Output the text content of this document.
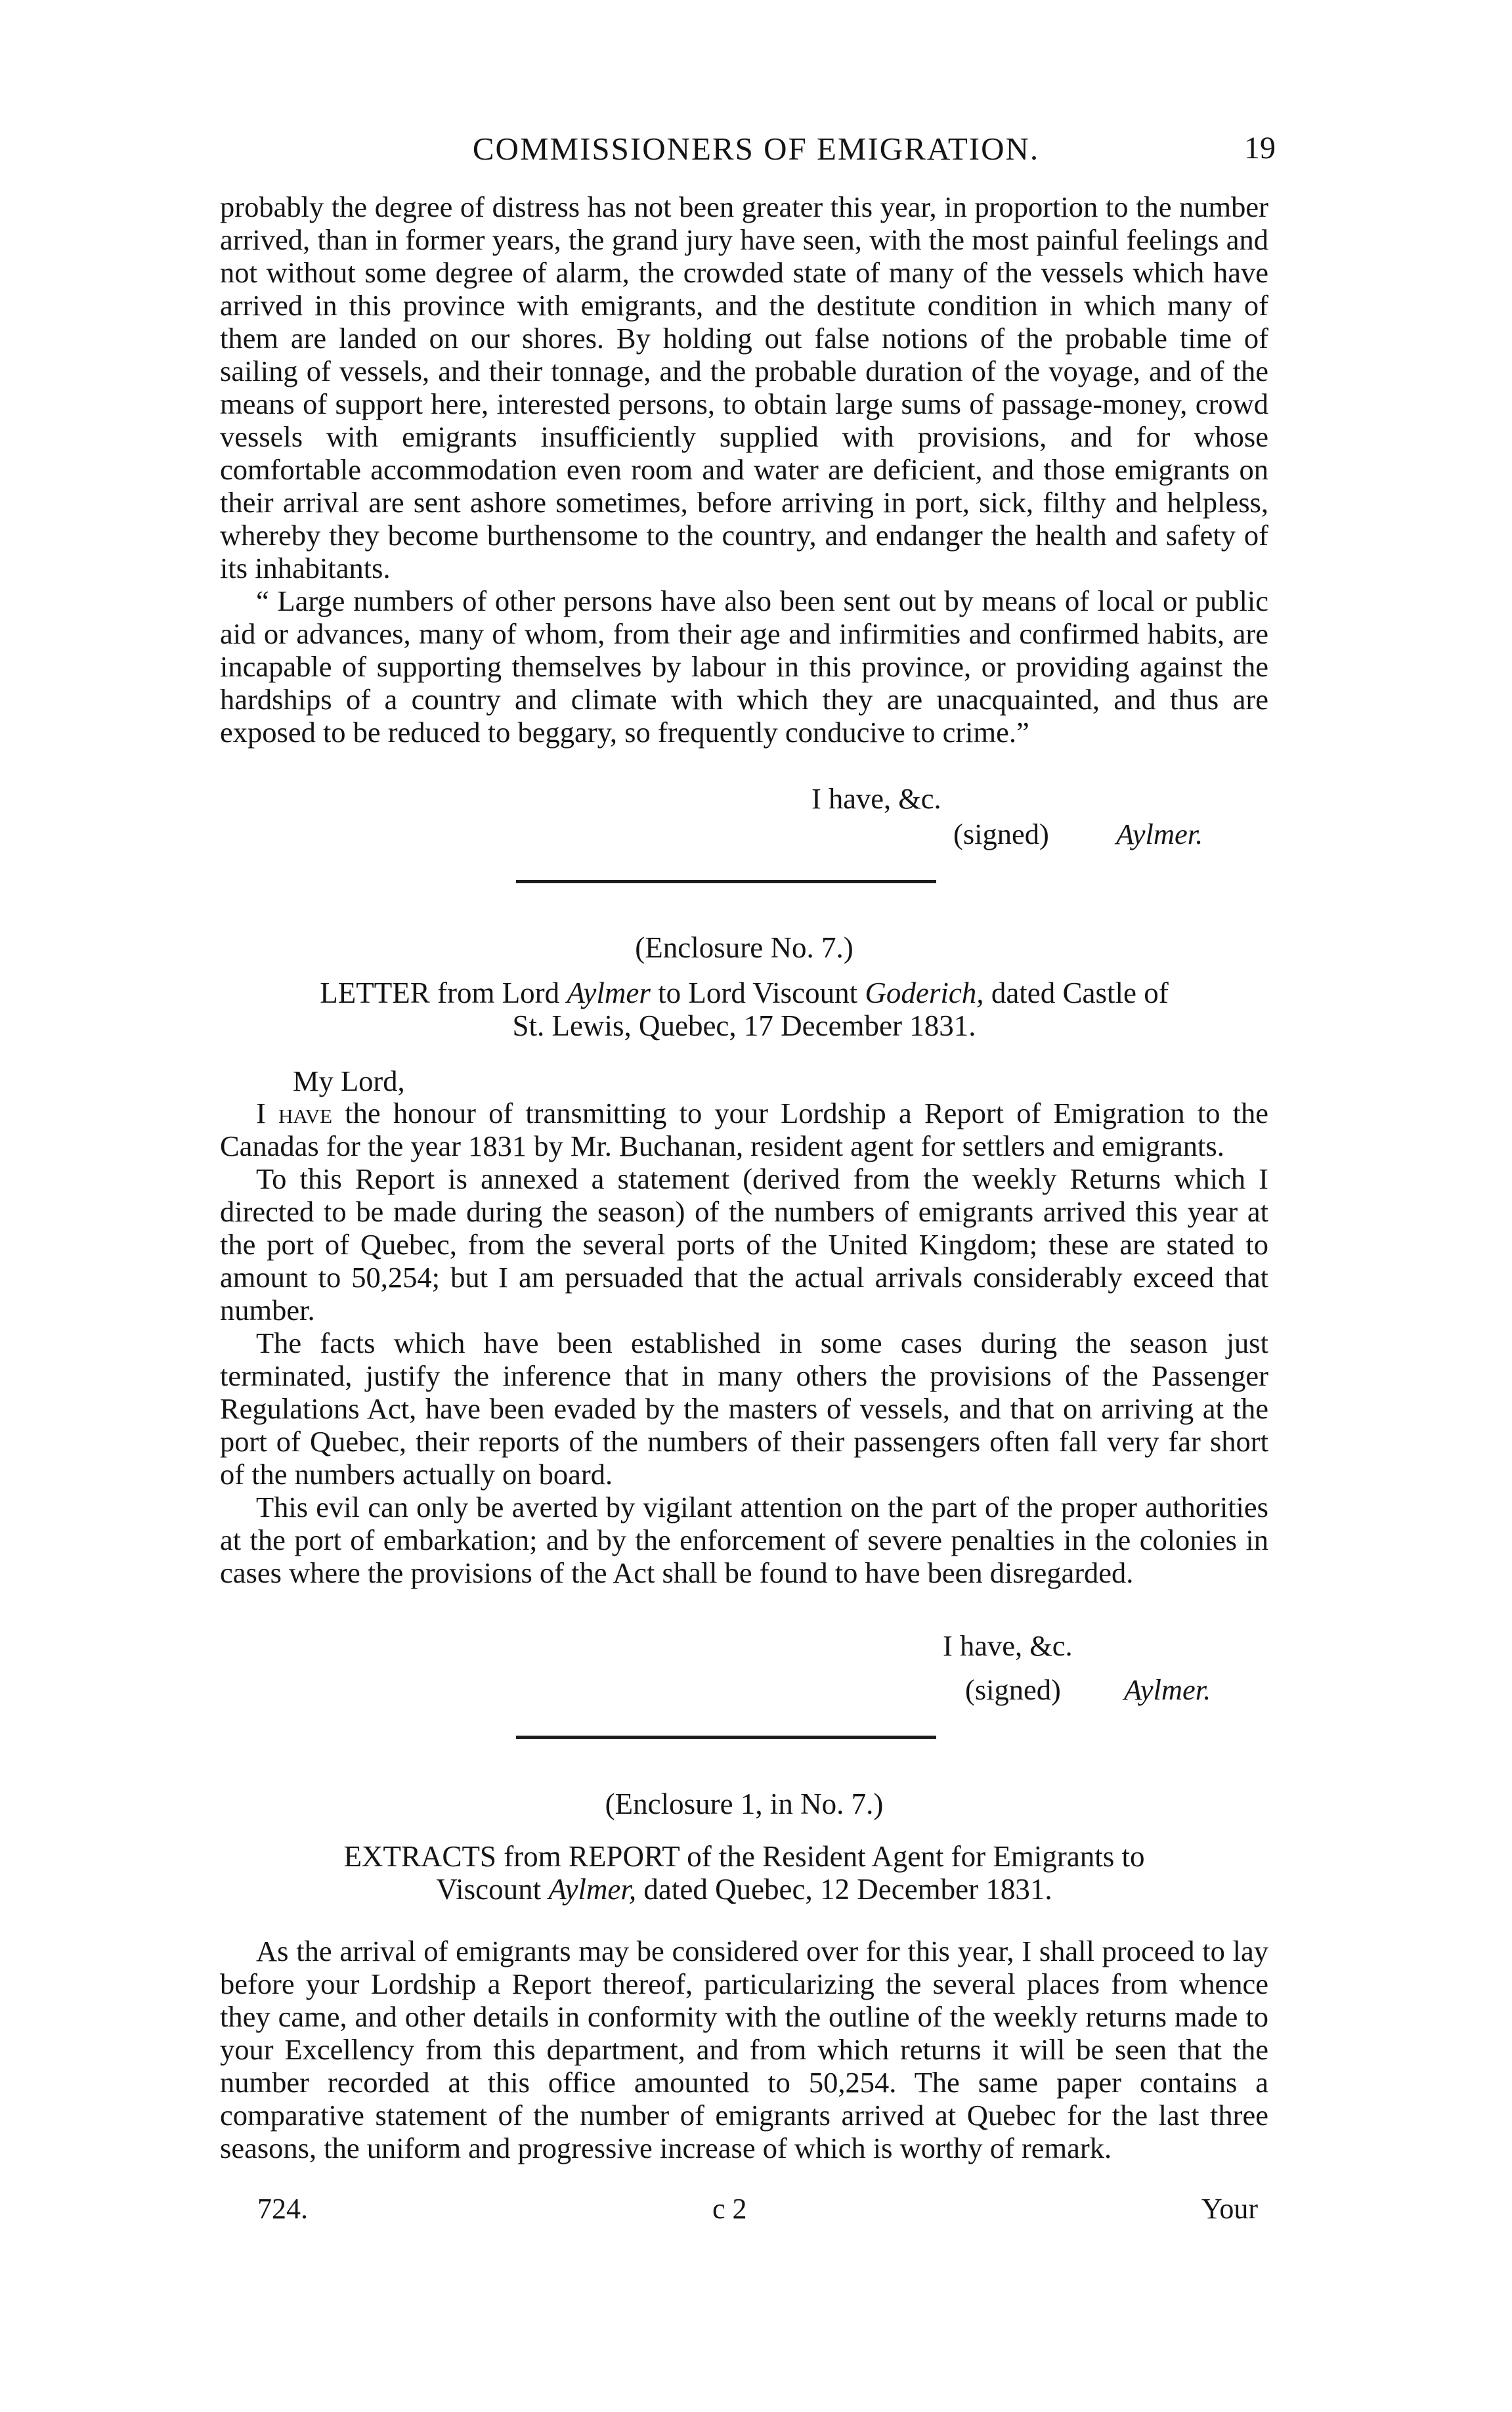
COMMISSIONERS OF EMIGRATION.	19

probably the degree of distress has not been greater this year, in proportion to the number arrived, than in former years, the grand jury have seen, with the most painful feelings and not without some degree of alarm, the crowded state of many of the vessels which have arrived in this province with emigrants, and the destitute condition in which many of them are landed on our shores. By holding out false notions of the probable time of sailing of vessels, and their tonnage, and the probable duration of the voyage, and of the means of support here, interested persons, to obtain large sums of passage-money, crowd vessels with emigrants insufficiently supplied with provisions, and for whose comfortable accommodation even room and water are deficient, and those emigrants on their arrival are sent ashore sometimes, before arriving in port, sick, filthy and helpless, whereby they become burthensome to the country, and endanger the health and safety of its inhabitants.

“ Large numbers of other persons have also been sent out by means of local or public aid or advances, many of whom, from their age and infirmities and confirmed habits, are incapable of supporting themselves by labour in this province, or providing against the hardships of a country and climate with which they are unacquainted, and thus are exposed to be reduced to beggary, so frequently conducive to crime.”

I have, &c.
(signed) Aylmer.
(Enclosure No. 7.)
LETTER from Lord Aylmer to Lord Viscount Goderich, dated Castle of
St. Lewis, Quebec, 17 December 1831.
My Lord,

I have the honour of transmitting to your Lordship a Report of Emigration to the Canadas for the year 1831 by Mr. Buchanan, resident agent for settlers and emigrants.

To this Report is annexed a statement (derived from the weekly Returns which I directed to be made during the season) of the numbers of emigrants arrived this year at the port of Quebec, from the several ports of the United Kingdom; these are stated to amount to 50,254; but I am persuaded that the actual arrivals considerably exceed that number.

The facts which have been established in some cases during the season just terminated, justify the inference that in many others the provisions of the Passenger Regulations Act, have been evaded by the masters of vessels, and that on arriving at the port of Quebec, their reports of the numbers of their passengers often fall very far short of the numbers actually on board.

This evil can only be averted by vigilant attention on the part of the proper authorities at the port of embarkation; and by the enforcement of severe penalties in the colonies in cases where the provisions of the Act shall be found to have been disregarded.

I have, &c.
(signed) Aylmer.
(Enclosure 1, in No. 7.)
EXTRACTS from REPORT of the Resident Agent for Emigrants to
Viscount Aylmer, dated Quebec, 12 December 1831.

As the arrival of emigrants may be considered over for this year, I shall proceed to lay before your Lordship a Report thereof, particularizing the several places from whence they came, and other details in conformity with the outline of the weekly returns made to your Excellency from this department, and from which returns it will be seen that the number recorded at this office amounted to 50,254. The same paper contains a comparative statement of the number of emigrants arrived at Quebec for the last three seasons, the uniform and progressive increase of which is worthy of remark.

724.	c 2	Your
